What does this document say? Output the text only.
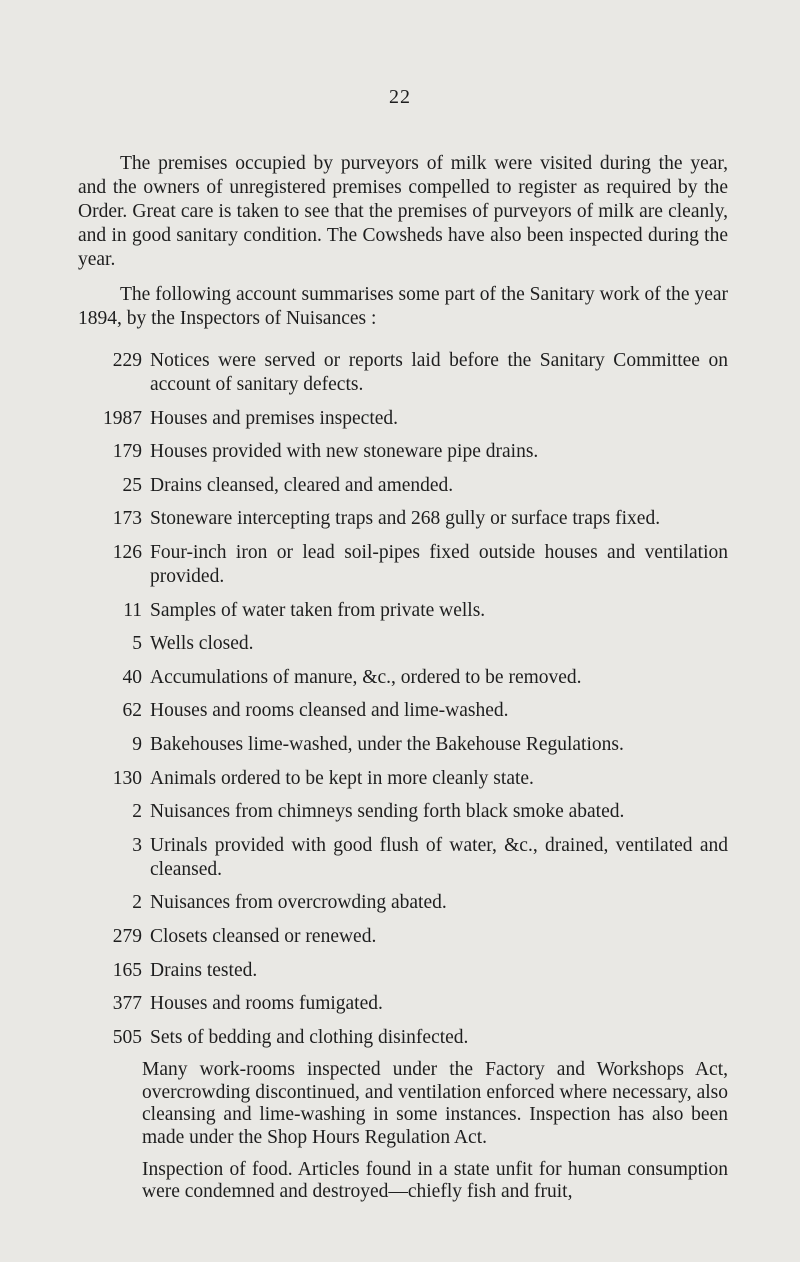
22

The premises occupied by purveyors of milk were visited during the year, and the owners of unregistered premises compelled to register as required by the Order. Great care is taken to see that the premises of purveyors of milk are cleanly, and in good sanitary condition. The Cowsheds have also been inspected during the year.

The following account summarises some part of the Sanitary work of the year 1894, by the Inspectors of Nuisances :

229 Notices were served or reports laid before the Sanitary Committee on account of sanitary defects.
1987 Houses and premises inspected.
179 Houses provided with new stoneware pipe drains.
25 Drains cleansed, cleared and amended.
173 Stoneware intercepting traps and 268 gully or surface traps fixed.
126 Four-inch iron or lead soil-pipes fixed outside houses and ventilation provided.
11 Samples of water taken from private wells.
5 Wells closed.
40 Accumulations of manure, &c., ordered to be removed.
62 Houses and rooms cleansed and lime-washed.
9 Bakehouses lime-washed, under the Bakehouse Regulations.
130 Animals ordered to be kept in more cleanly state.
2 Nuisances from chimneys sending forth black smoke abated.
3 Urinals provided with good flush of water, &c., drained, ventilated and cleansed.
2 Nuisances from overcrowding abated.
279 Closets cleansed or renewed.
165 Drains tested.
377 Houses and rooms fumigated.
505 Sets of bedding and clothing disinfected.
Many work-rooms inspected under the Factory and Workshops Act, overcrowding discontinued, and ventilation enforced where necessary, also cleansing and lime-washing in some instances. Inspection has also been made under the Shop Hours Regulation Act.
Inspection of food. Articles found in a state unfit for human consumption were condemned and destroyed—chiefly fish and fruit,
